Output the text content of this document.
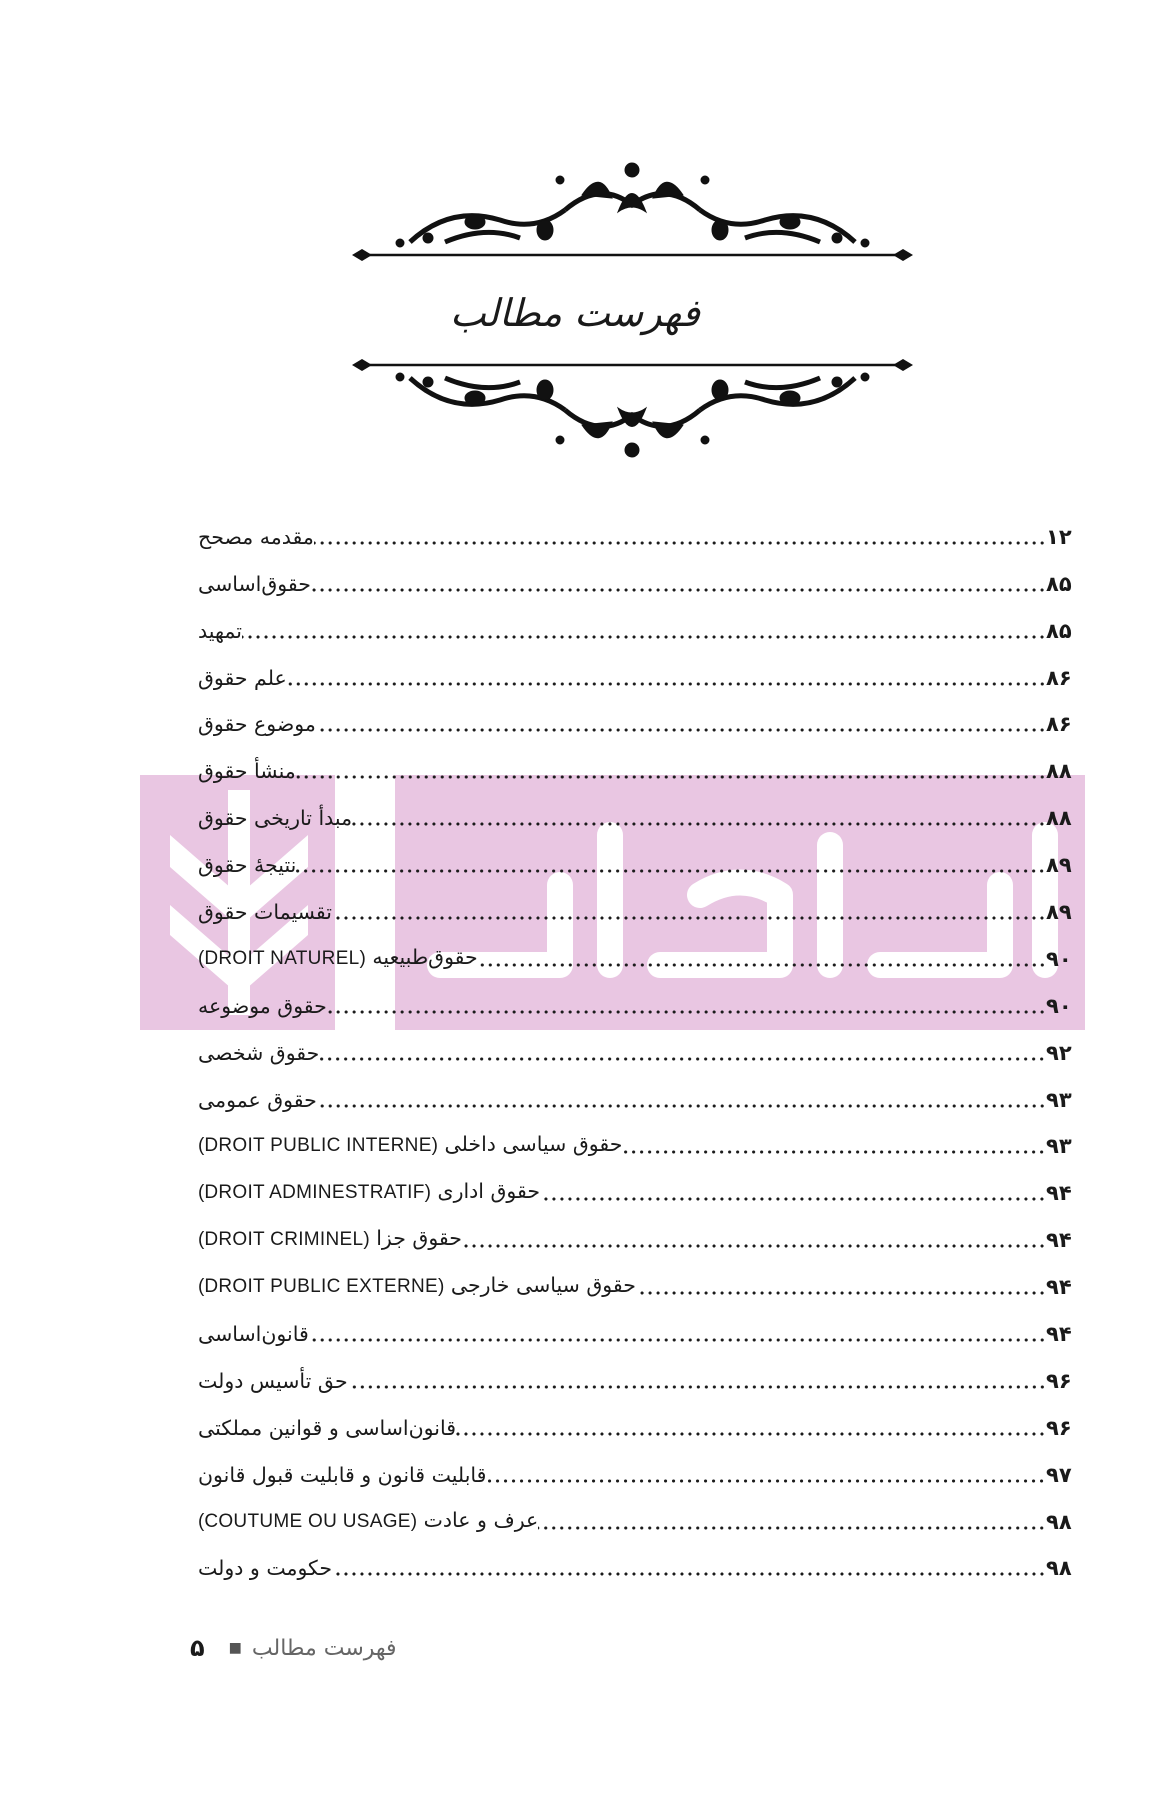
فهرست مطالب
مقدمه مصحح	۱۲
حقوق‌اساسی	۸۵
تمهید	۸۵
علم حقوق	۸۶
موضوع حقوق	۸۶
منشأ حقوق	۸۸
مبدأ تاریخی حقوق	۸۸
نتیجهٔ حقوق	۸۹
تقسیمات حقوق	۸۹
حقوق‌طبیعیه (DROIT NATUREL)	۹۰
حقوق موضوعه	۹۰
حقوق شخصی	۹۲
حقوق عمومی	۹۳
حقوق سیاسی داخلی (DROIT PUBLIC INTERNE)	۹۳
حقوق اداری (DROIT ADMINESTRATIF)	۹۴
حقوق جزا (DROIT CRIMINEL)	۹۴
حقوق سیاسی خارجی (DROIT PUBLIC EXTERNE)	۹۴
قانون‌اساسی	۹۴
حق تأسیس دولت	۹۶
قانون‌اساسی و قوانین مملکتی	۹۶
قابلیت قانون و قابلیت قبول قانون	۹۷
عرف و عادت (COUTUME OU USAGE)	۹۸
حکومت و دولت	۹۸
۵ ■ فهرست مطالب
